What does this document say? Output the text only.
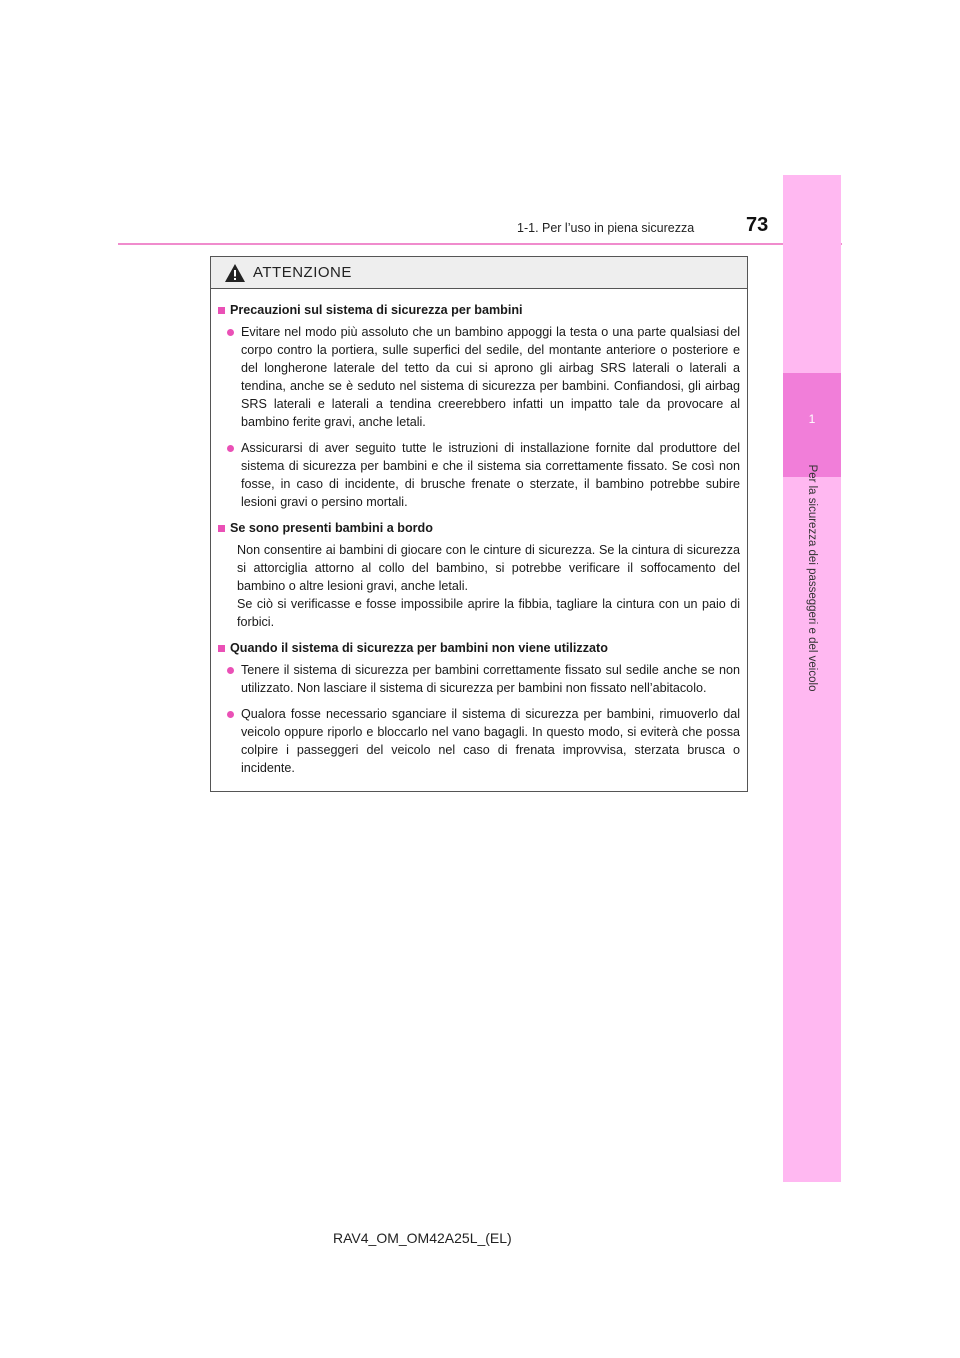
1-1. Per l’uso in piena sicurezza	73
1
Per la sicurezza dei passeggeri e del veicolo
ATTENZIONE
Precauzioni sul sistema di sicurezza per bambini
Evitare nel modo più assoluto che un bambino appoggi la testa o una parte qualsiasi del corpo contro la portiera, sulle superfici del sedile, del montante anteriore o posteriore e del longherone laterale del tetto da cui si aprono gli airbag SRS laterali o laterali a tendina, anche se è seduto nel sistema di sicurezza per bambini. Confiandosi, gli airbag SRS laterali e laterali a tendina creerebbero infatti un impatto tale da provocare al bambino ferite gravi, anche letali.
Assicurarsi di aver seguito tutte le istruzioni di installazione fornite dal produttore del sistema di sicurezza per bambini e che il sistema sia correttamente fissato. Se così non fosse, in caso di incidente, di brusche frenate o sterzate, il bambino potrebbe subire lesioni gravi o persino mortali.
Se sono presenti bambini a bordo
Non consentire ai bambini di giocare con le cinture di sicurezza. Se la cintura di sicurezza si attorciglia attorno al collo del bambino, si potrebbe verificare il soffocamento del bambino o altre lesioni gravi, anche letali.
Se ciò si verificasse e fosse impossibile aprire la fibbia, tagliare la cintura con un paio di forbici.
Quando il sistema di sicurezza per bambini non viene utilizzato
Tenere il sistema di sicurezza per bambini correttamente fissato sul sedile anche se non utilizzato. Non lasciare il sistema di sicurezza per bambini non fissato nell’abitacolo.
Qualora fosse necessario sganciare il sistema di sicurezza per bambini, rimuoverlo dal veicolo oppure riporlo e bloccarlo nel vano bagagli. In questo modo, si eviterà che possa colpire i passeggeri del veicolo nel caso di frenata improvvisa, sterzata brusca o incidente.
RAV4_OM_OM42A25L_(EL)
